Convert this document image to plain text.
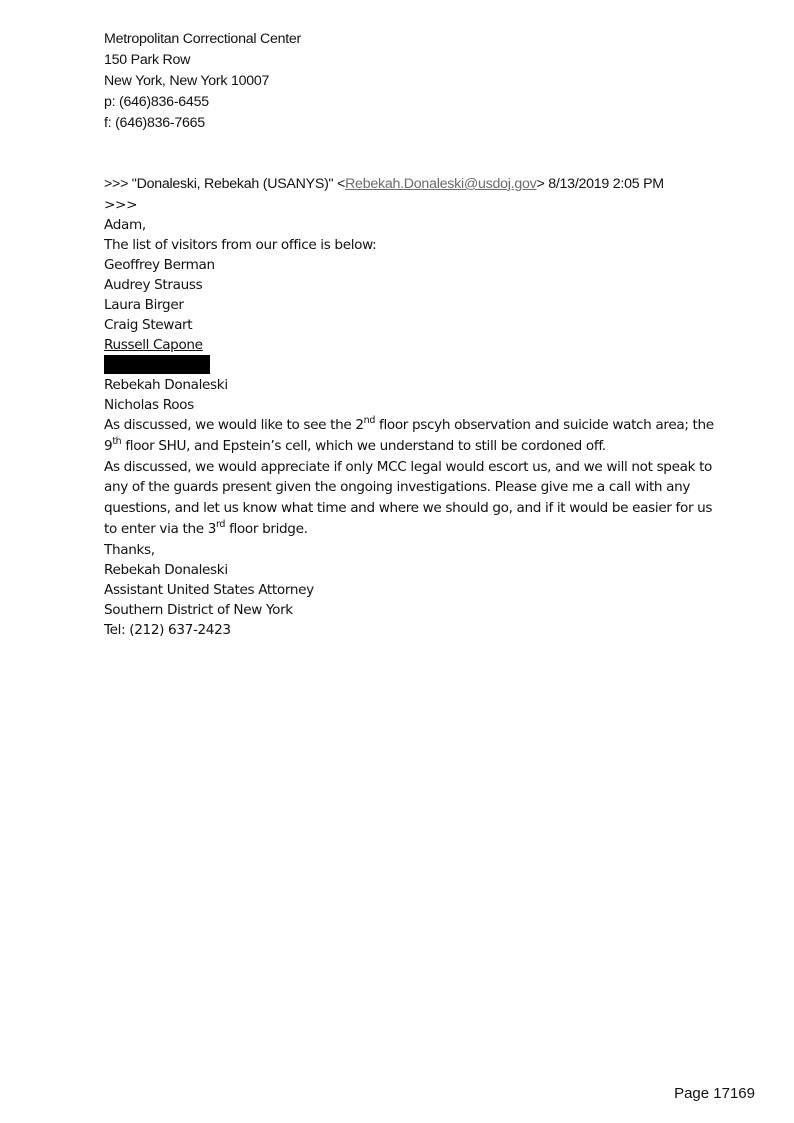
Metropolitan Correctional Center
150 Park Row
New York, New York 10007
p: (646)836-6455
f: (646)836-7665
>>> "Donaleski, Rebekah (USANYS)" <Rebekah.Donaleski@usdoj.gov> 8/13/2019 2:05 PM
>>>
Adam,
The list of visitors from our office is below:
Geoffrey Berman
Audrey Strauss
Laura Birger
Craig Stewart
Russell Capone
Rebekah Donaleski
Nicholas Roos
As discussed, we would like to see the 2nd floor pscyh observation and suicide watch area; the 9th floor SHU, and Epstein’s cell, which we understand to still be cordoned off.
As discussed, we would appreciate if only MCC legal would escort us, and we will not speak to any of the guards present given the ongoing investigations. Please give me a call with any questions, and let us know what time and where we should go, and if it would be easier for us to enter via the 3rd floor bridge.
Thanks,
Rebekah Donaleski
Assistant United States Attorney
Southern District of New York
Tel: (212) 637-2423
Page 17169
